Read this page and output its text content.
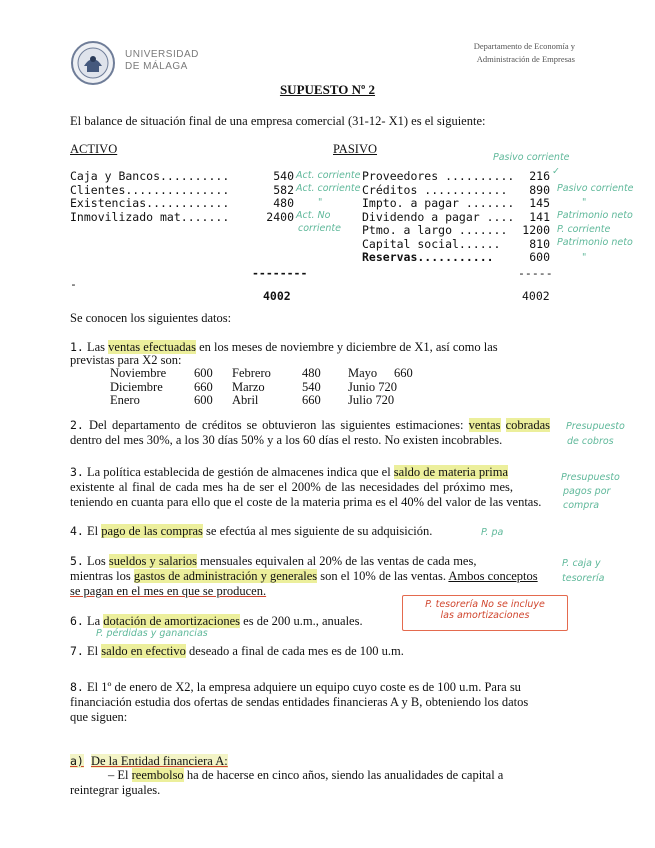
UNIVERSIDAD
DE MÁLAGA
Departamento de Economía y
Administración de Empresas
SUPUESTO Nº 2
El balance de situación final de una empresa comercial (31-12- X1) es el siguiente:
ACTIVO	PASIVO
Caja y Bancos..........	540
Clientes...............	582
Existencias............	480
Inmovilizado mat.......	2400
Proveedores ..........	216
Créditos ............	890
Impto. a pagar .......	145
Dividendo a pagar ....	141
Ptmo. a largo .......	1200
Capital social......	810
Reservas...........	600
--------	-----
-
4002	4002
Pasivo corriente
✓
Act. corriente
Act. corriente
"
Act. No
corriente
Pasivo corriente
"
Patrimonio neto
P. corriente
Patrimonio neto
"
Se conocen los siguientes datos:
1. Las ventas efectuadas en los meses de noviembre y diciembre de X1, así como las
previstas para X2 son:
Noviembre	600	Febrero	480	Mayo	660
Diciembre	660	Marzo	540	Junio 720
Enero	600	Abril	660	Julio 720
2. Del departamento de créditos se obtuvieron las siguientes estimaciones: ventas cobradas dentro del mes 30%, a los 30 días 50% y a los 60 días el resto. No existen incobrables.
Presupuesto
de cobros
3. La política establecida de gestión de almacenes indica que el saldo de materia prima
existente al final de cada mes ha de ser el 200% de las necesidades del próximo mes,
teniendo en cuanta para ello que el coste de la materia prima es el 40% del valor de las ventas.
Presupuesto
pagos por
compra
4. El pago de las compras se efectúa al mes siguiente de su adquisición.	P. pa
5. Los sueldos y salarios mensuales equivalen al 20% de las ventas de cada mes,
mientras los gastos de administración y generales son el 10% de las ventas. Ambos conceptos
se pagan en el mes en que se producen.
P. caja y
tesorería
P. tesorería No se incluye
las amortizaciones
6. La dotación de amortizaciones es de 200 u.m., anuales.
P. pérdidas y ganancias
7. El saldo en efectivo deseado a final de cada mes es de 100 u.m.
8. El 1º de enero de X2, la empresa adquiere un equipo cuyo coste es de 100 u.m. Para su
financiación estudia dos ofertas de sendas entidades financieras A y B, obteniendo los datos
que siguen:
a) De la Entidad financiera A:
– El reembolso ha de hacerse en cinco años, siendo las anualidades de capital a
reintegrar iguales.
